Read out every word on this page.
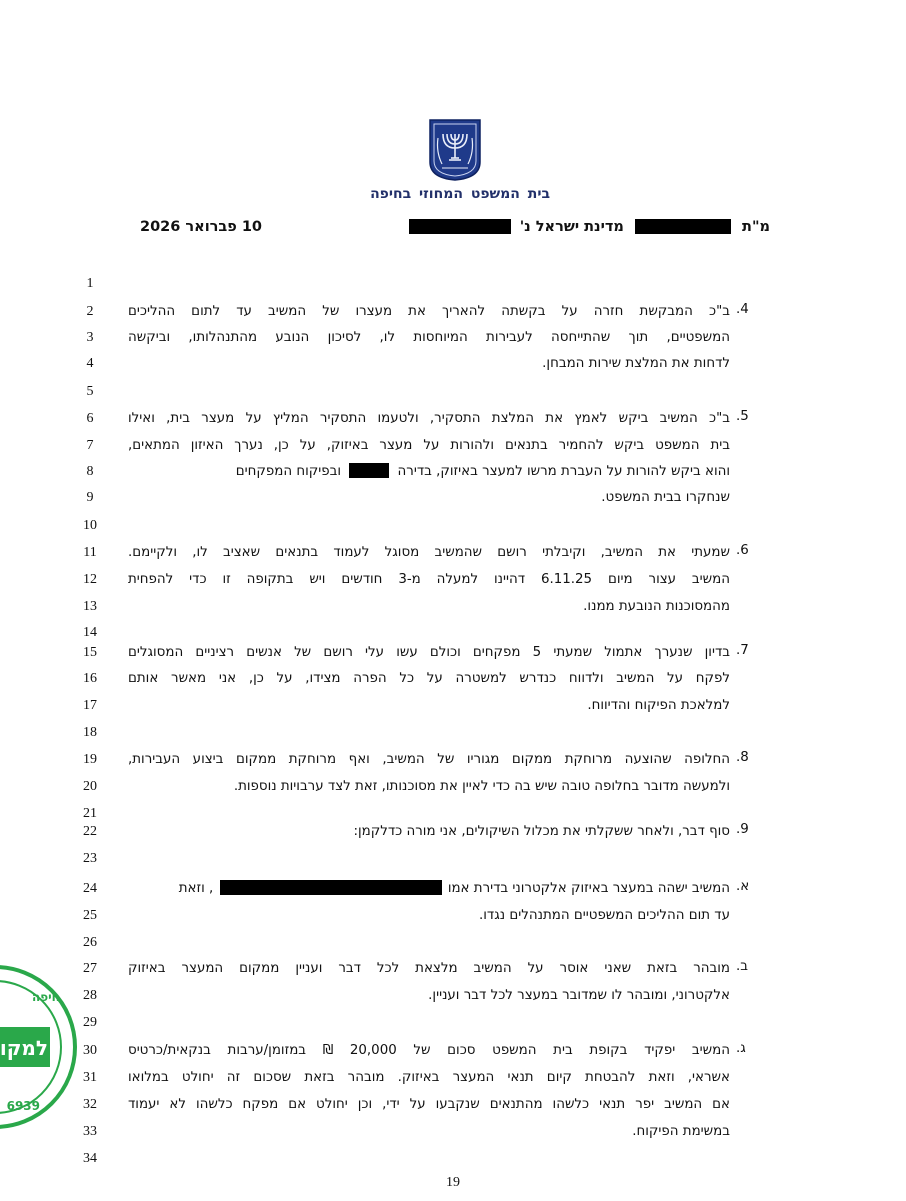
בית המשפט המחוזי בחיפה
מ"ת  מדינת ישראל נ'
10 פברואר 2026
1
2
3
4
5
6
7
8
9
10
11
12
13
14
15
16
17
18
19
20
21
22
23
24
25
26
27
28
29
30
31
32
33
34
4.
ב"כ המבקשת חזרה על בקשתה להאריך את מעצרו של המשיב עד לתום ההליכים
המשפטיים, תוך שהתייחסה לעבירות המיוחסות לו, לסיכון הנובע מהתנהלותו, וביקשה
לדחות את המלצת שירות המבחן.
5.
ב"כ המשיב ביקש לאמץ את המלצת התסקיר, ולטעמו התסקיר המליץ על מעצר בית, ואילו
בית המשפט ביקש להחמיר בתנאים ולהורות על מעצר באיזוק, על כן, נערך האיזון המתאים,
והוא ביקש להורות על העברת מרשו למעצר באיזוק, בדירה  ובפיקוח המפקחים
שנחקרו בבית המשפט.
6.
שמעתי את המשיב, וקיבלתי רושם שהמשיב מסוגל לעמוד בתנאים שאציב לו, ולקיימם.
המשיב עצור מיום 6.11.25 דהיינו למעלה מ-3 חודשים ויש בתקופה זו כדי להפחית
מהמסוכנות הנובעת ממנו.
7.
בדיון שנערך אתמול שמעתי 5 מפקחים וכולם עשו עלי רושם של אנשים רציניים המסוגלים
לפקח על המשיב ולדווח כנדרש למשטרה על כל הפרה מצידו, על כן, אני מאשר אותם
למלאכת הפיקוח והדיווח.
8.
החלופה שהוצעה מרוחקת ממקום מגוריו של המשיב, ואף מרוחקת ממקום ביצוע העבירות,
ולמעשה מדובר בחלופה טובה שיש בה כדי לאיין את מסוכנותו, זאת לצד ערבויות נוספות.
9.
סוף דבר, ולאחר ששקלתי את מכלול השיקולים, אני מורה כדלקמן:
א.
המשיב ישהה במעצר באיזוק אלקטרוני בדירת אמו  , וזאת
עד תום ההליכים המשפטיים המתנהלים נגדו.
ב.
מובהר בזאת שאני אוסר על המשיב מלצאת לכל דבר ועניין ממקום המעצר באיזוק
אלקטרוני, ומובהר לו שמדובר במעצר לכל דבר ועניין.
ג.
המשיב יפקיד בקופת בית המשפט סכום של 20,000 ₪ במזומן/ערבות בנקאית/כרטיס
אשראי, וזאת להבטחת קיום תנאי המעצר באיזוק. מובהר בזאת שסכום זה יחולט במלואו
אם המשיב יפר תנאי כלשהו מהתנאים שנקבעו על ידי, וכן יחולט אם מפקח כלשהו לא יעמוד
במשימת הפיקוח.
19
חיפה
למקו
6939
